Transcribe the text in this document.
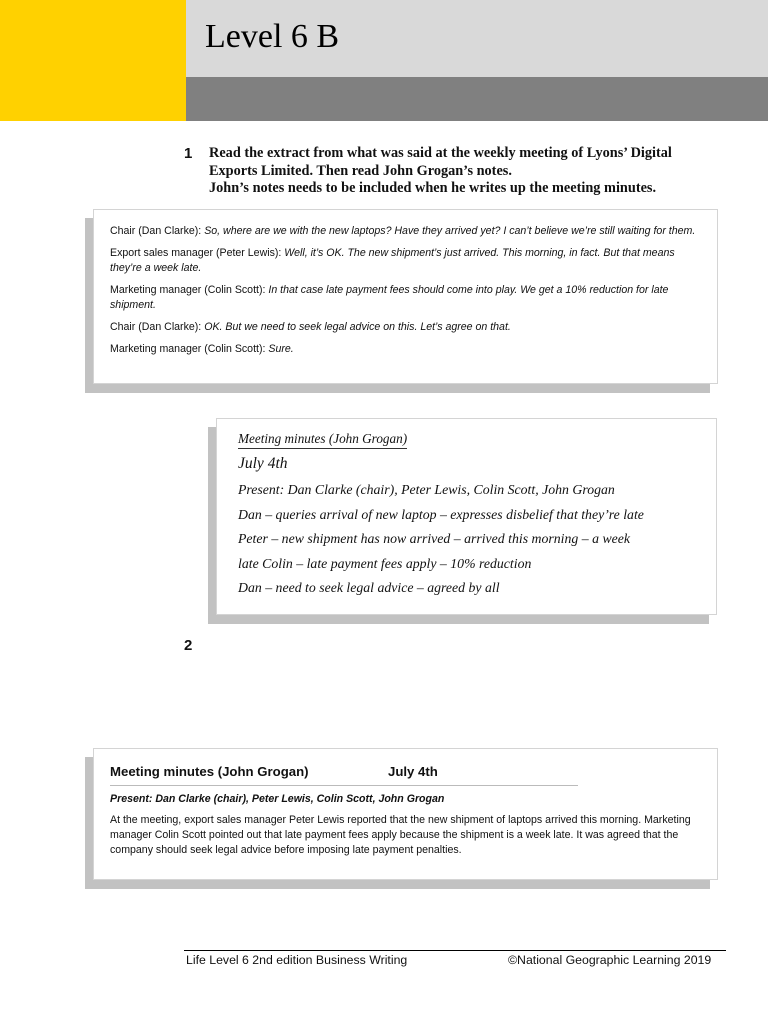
Level 6 B
1 Read the extract from what was said at the weekly meeting of Lyons’ Digital
Exports Limited. Then read John Grogan’s notes.
John’s notes needs to be included when he writes up the meeting minutes.

Chair (Dan Clarke): So, where are we with the new laptops? Have they arrived yet? I can’t believe we’re still waiting for them.

Export sales manager (Peter Lewis): Well, it’s OK. The new shipment’s just arrived. This morning, in fact. But that means they’re a week late.

Marketing manager (Colin Scott): In that case late payment fees should come into play. We get a 10% reduction for late shipment.

Chair (Dan Clarke): OK. But we need to seek legal advice on this. Let’s agree on that.

Marketing manager (Colin Scott): Sure.

Meeting minutes (John Grogan)
July 4th
Present: Dan Clarke (chair), Peter Lewis, Colin Scott, John Grogan
Dan – queries arrival of new laptop – expresses disbelief that they’re late
Peter – new shipment has now arrived – arrived this morning – a week
late Colin – late payment fees apply – 10% reduction
Dan – need to seek legal advice – agreed by all
2
Meeting minutes (John Grogan)	July 4th
Present: Dan Clarke (chair), Peter Lewis, Colin Scott, John Grogan
At the meeting, export sales manager Peter Lewis reported that the new shipment of laptops arrived this morning. Marketing manager Colin Scott pointed out that late payment fees apply because the shipment is a week late. It was agreed that the company should seek legal advice before imposing late payment penalties.
Life Level 6 2nd edition Business Writing	©National Geographic Learning 2019
